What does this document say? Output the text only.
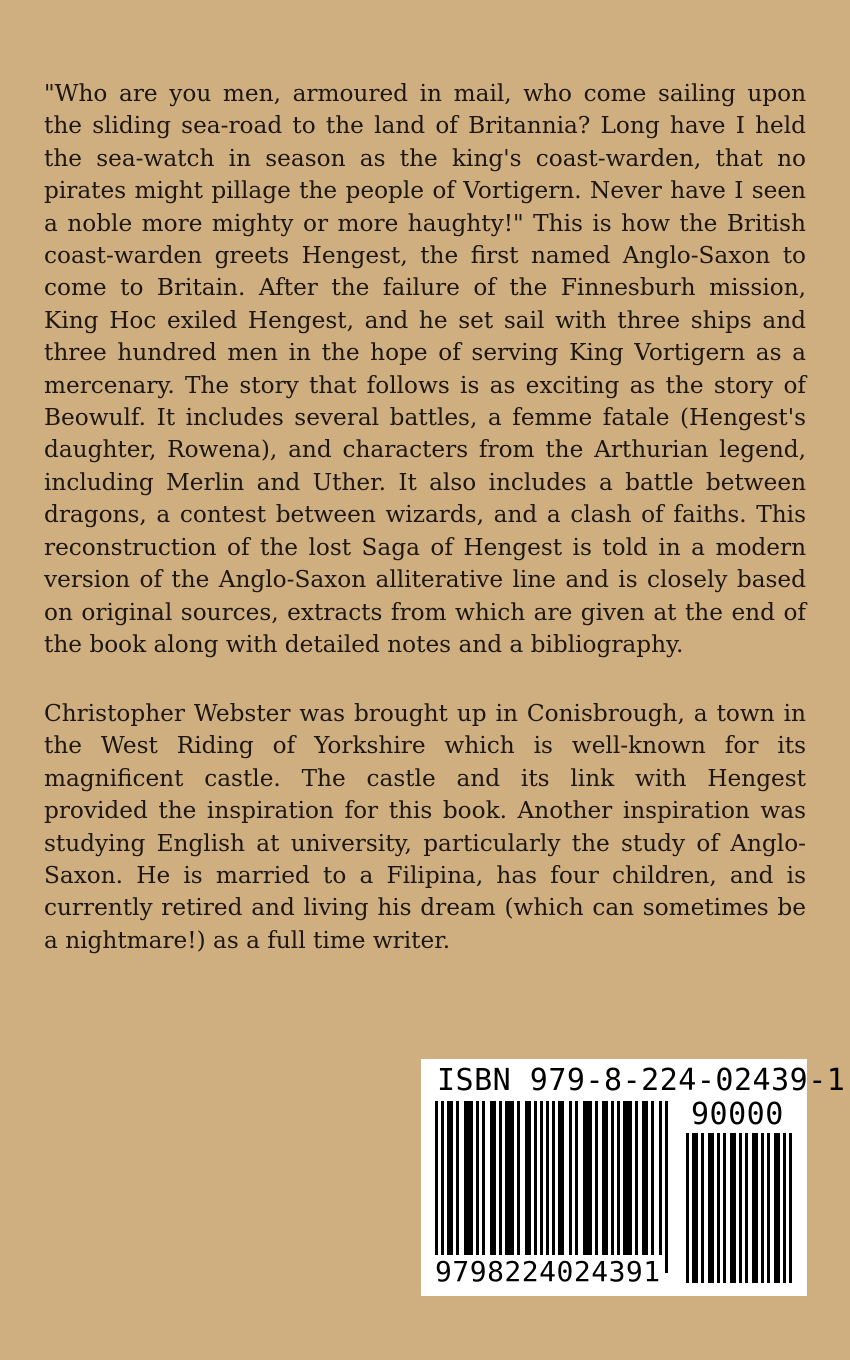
"Who are you men, armoured in mail, who come sailing upon the sliding sea-road to the land of Britannia? Long have I held the sea-watch in season as the king's coast-warden, that no pirates might pillage the people of Vortigern. Never have I seen a noble more mighty or more haughty!" This is how the British coast-warden greets Hengest, the first named Anglo-Saxon to come to Britain. After the failure of the Finnesburh mission, King Hoc exiled Hengest, and he set sail with three ships and three hundred men in the hope of serving King Vortigern as a mercenary. The story that follows is as exciting as the story of Beowulf. It includes several battles, a femme fatale (Hengest's daughter, Rowena), and characters from the Arthurian legend, including Merlin and Uther. It also includes a battle between dragons, a contest between wizards, and a clash of faiths. This reconstruction of the lost Saga of Hengest is told in a modern version of the Anglo-Saxon alliterative line and is closely based on original sources, extracts from which are given at the end of the book along with detailed notes and a bibliography.

Christopher Webster was brought up in Conisbrough, a town in the West Riding of Yorkshire which is well-known for its magnificent castle. The castle and its link with Hengest provided the inspiration for this book. Another inspiration was studying English at university, particularly the study of Anglo-Saxon. He is married to a Filipina, has four children, and is currently retired and living his dream (which can sometimes be a nightmare!) as a full time writer.

ISBN 979-8-224-02439-1
90000
9798224024391
